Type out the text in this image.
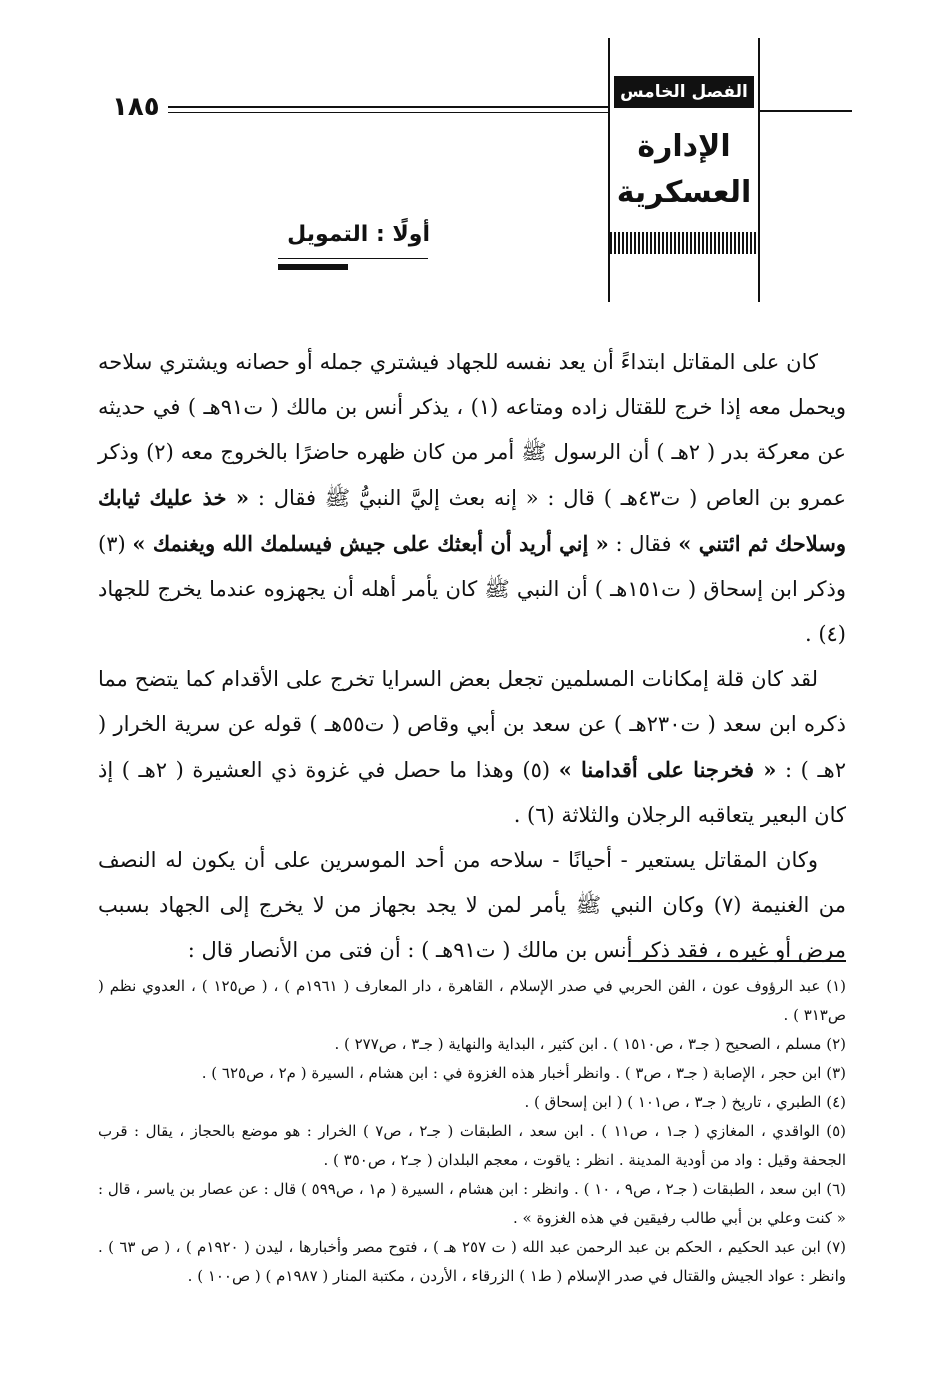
١٨٥	الفصل الخامس
الإدارة
العسكرية
أولًا : التمويل

كان على المقاتل ابتداءً أن يعد نفسه للجهاد فيشتري جمله أو حصانه ويشتري سلاحه ويحمل معه إذا خرج للقتال زاده ومتاعه (١) ، يذكر أنس بن مالك ( ت٩١هـ ) في حديثه عن معركة بدر ( ٢هـ ) أن الرسول ﷺ أمر من كان ظهره حاضرًا بالخروج معه (٢) وذكر عمرو بن العاص ( ت٤٣هـ ) قال : « إنه بعث إليَّ النبيُّ ﷺ فقال : « خذ عليك ثيابك وسلاحك ثم ائتني » فقال : « إني أريد أن أبعثك على جيش فيسلمك الله ويغنمك » (٣) وذكر ابن إسحاق ( ت١٥١هـ ) أن النبي ﷺ كان يأمر أهله أن يجهزوه عندما يخرج للجهاد (٤) .

لقد كان قلة إمكانات المسلمين تجعل بعض السرايا تخرج على الأقدام كما يتضح مما ذكره ابن سعد ( ت٢٣٠هـ ) عن سعد بن أبي وقاص ( ت٥٥هـ ) قوله عن سرية الخرار ( ٢هـ ) : « فخرجنا على أقدامنا » (٥) وهذا ما حصل في غزوة ذي العشيرة ( ٢هـ ) إذ كان البعير يتعاقبه الرجلان والثلاثة (٦) .

وكان المقاتل يستعير - أحيانًا - سلاحه من أحد الموسرين على أن يكون له النصف من الغنيمة (٧) وكان النبي ﷺ يأمر لمن لا يجد بجهاز من لا يخرج إلى الجهاد بسبب مرض أو غيره ، فقد ذكر أنس بن مالك ( ت٩١هـ ) : أن فتى من الأنصار قال :

(١) عبد الرؤوف عون ، الفن الحربي في صدر الإسلام ، القاهرة ، دار المعارف ( ١٩٦١م ) ، ( ص١٢٥ ) ، العدوي نظم ( ص٣١٣ ) .
(٢) مسلم ، الصحيح ( جـ٣ ، ص١٥١٠ ) . ابن كثير ، البداية والنهاية ( جـ٣ ، ص٢٧٧ ) .
(٣) ابن حجر ، الإصابة ( جـ٣ ، ص٣ ) . وانظر أخبار هذه الغزوة في : ابن هشام ، السيرة ( م٢ ، ص٦٢٥ ) .
(٤) الطبري ، تاريخ ( جـ٣ ، ص١٠١ ) ( ابن إسحاق ) .
(٥) الواقدي ، المغازي ( جـ١ ، ص١١ ) . ابن سعد ، الطبقات ( جـ٢ ، ص٧ ) الخرار : هو موضع بالحجاز ، يقال : قرب الجحفة وقيل : واد من أودية المدينة . انظر : ياقوت ، معجم البلدان ( جـ٢ ، ص٣٥٠ ) .
(٦) ابن سعد ، الطبقات ( جـ٢ ، ص٩ ، ١٠ ) . وانظر : ابن هشام ، السيرة ( م١ ، ص٥٩٩ ) قال : عن عصار بن ياسر ، قال : « كنت وعلي بن أبي طالب رفيقين في هذه الغزوة » .
(٧) ابن عبد الحكيم ، الحكم بن عبد الرحمن عبد الله ( ت ٢٥٧ هـ ) ، فتوح مصر وأخبارها ، ليدن ( ١٩٢٠م ) ، ( ص ٦٣ ) . وانظر : عواد الجيش والقتال في صدر الإسلام ( ط١ ) الزرقاء ، الأردن ، مكتبة المنار ( ١٩٨٧م ) ( ص١٠٠ ) .
